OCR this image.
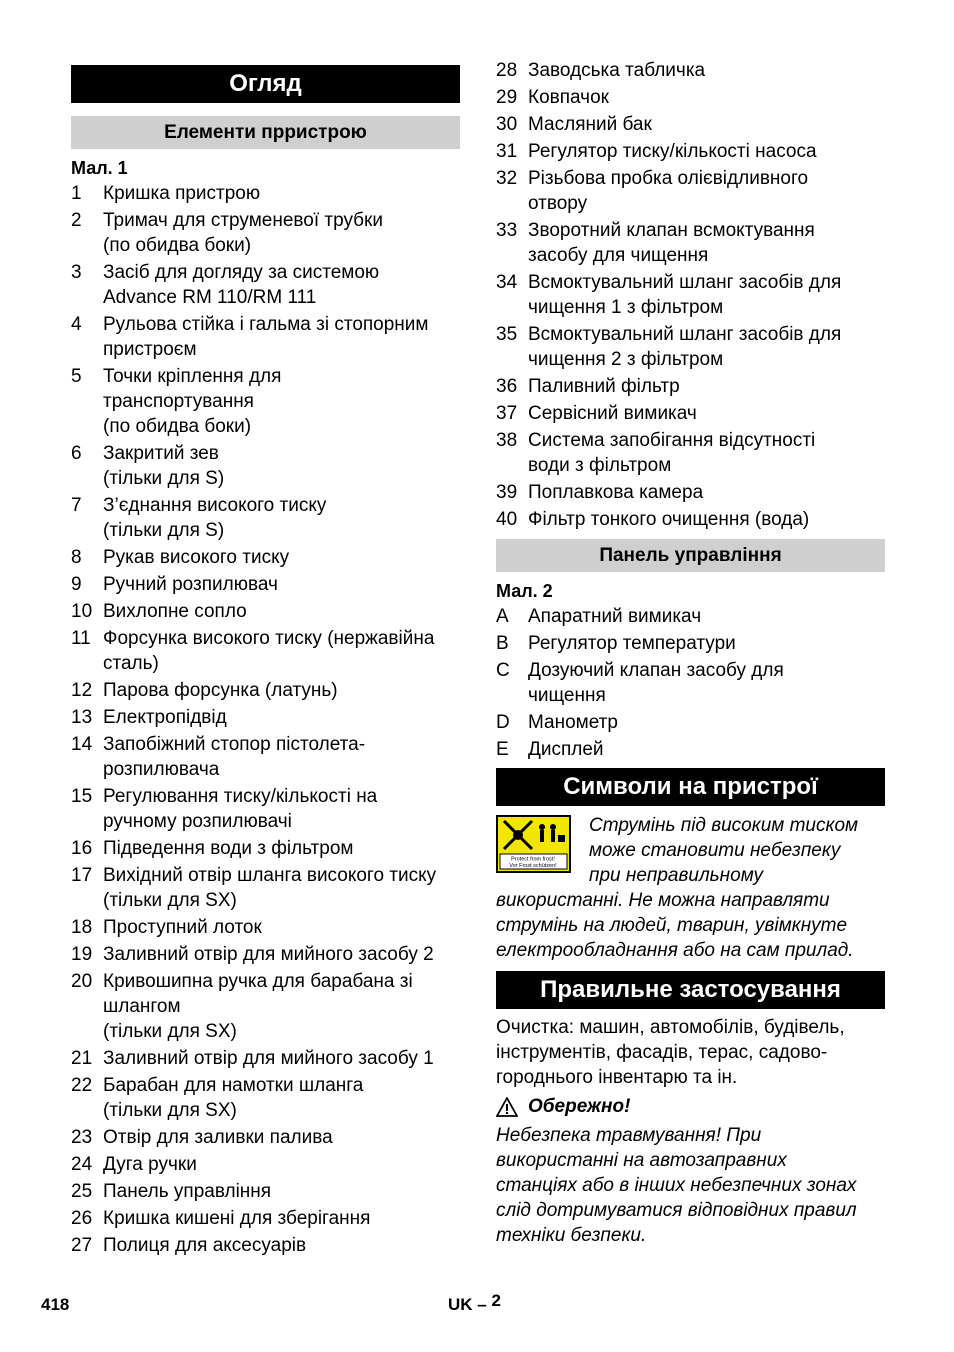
Огляд
Елементи прристрою
Мал. 1
1	Кришка пристрою
2	Тримач для струменевої трубки
(по обидва боки)
3	Засіб для догляду за системою
Advance RM 110/RM 111
4	Рульова стійка і гальма зі стопорним
пристроєм
5	Точки кріплення для
транспортування
(по обидва боки)
6	Закритий зев
(тільки для S)
7	З’єднання високого тиску
(тільки для S)
8	Рукав високого тиску
9	Ручний розпилювач
10 Вихлопне сопло
11 Форсунка високого тиску (нержавійна
сталь)
12 Парова форсунка (латунь)
13 Електропідвід
14 Запобіжний стопор пістолета-
розпилювача
15 Регулювання тиску/кількості на
ручному розпилювачі
16 Підведення води з фільтром
17 Вихідний отвір шланга високого тиску
(тільки для SX)
18 Проступний лоток
19 Заливний отвір для мийного засобу 2
20 Кривошипна ручка для барабана зі
шлангом
(тільки для SX)
21 Заливний отвір для мийного засобу 1
22 Барабан для намотки шланга
(тільки для SX)
23 Отвір для заливки палива
24 Дуга ручки
25 Панель управління
26 Кришка кишені для зберігання
27 Полиця для аксесуарів
28 Заводська табличка
29 Ковпачок
30 Масляний бак
31 Регулятор тиску/кількості насоса
32 Різьбова пробка олієвідливного
отвору
33 Зворотний клапан всмоктування
засобу для чищення
34 Всмоктувальний шланг засобів для
чищення 1 з фільтром
35 Всмоктувальний шланг засобів для
чищення 2 з фільтром
36 Паливний фільтр
37 Сервісний вимикач
38 Система запобігання відсутності
води з фільтром
39 Поплавкова камера
40 Фільтр тонкого очищення (вода)
Панель управління
Мал. 2
A	Апаратний вимикач
B	Регулятор температури
C Дозуючий клапан засобу для
чищення
D Манометр
E	Дисплей
Символи на пристрої
Protect from frost!
Vor Frost schützen!

Струмінь під високим тиском
може становити небезпеку
при неправильному
використанні. Не можна направляти
струмінь на людей, тварин, увімкнуте
електрообладнання або на сам прилад.

Правильне застосування

Очистка: машин, автомобілів, будівель,
інструментів, фасадів, терас, садово-
городнього інвентарю та ін.

Обережно!

Небезпека травмування! При
використанні на автозаправних
станціях або в інших небезпечних зонах
слід дотримуватися відповідних правил
техніки безпеки.

418	UK – 2
